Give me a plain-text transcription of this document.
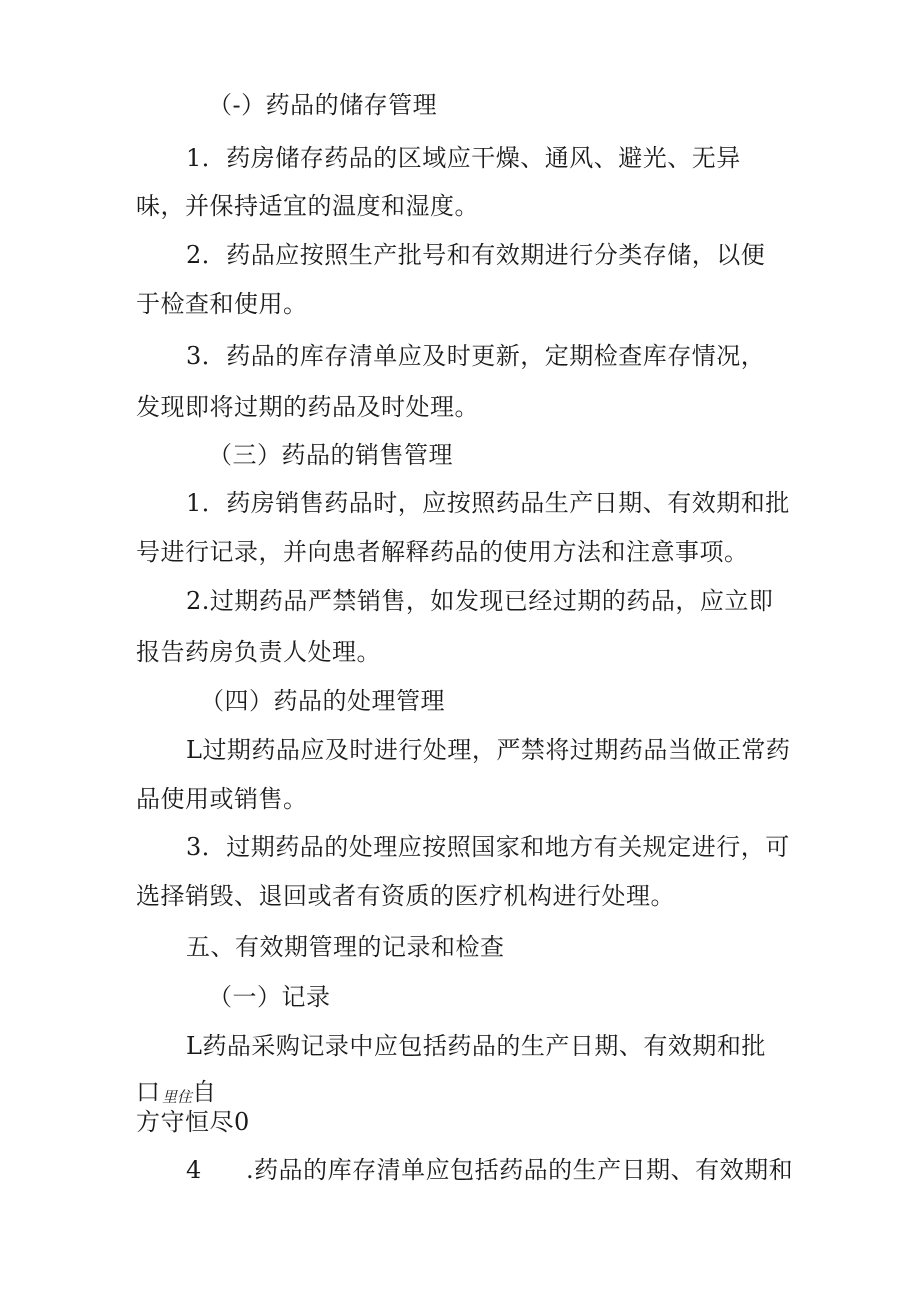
（-）药品的储存管理
1．药房储存药品的区域应干燥、通风、避光、无异
味，并保持适宜的温度和湿度。
2．药品应按照生产批号和有效期进行分类存储，以便
于检查和使用。
3．药品的库存清单应及时更新，定期检查库存情况，
发现即将过期的药品及时处理。
（三）药品的销售管理
1．药房销售药品时，应按照药品生产日期、有效期和批
号进行记录，并向患者解释药品的使用方法和注意事项。
2.过期药品严禁销售，如发现已经过期的药品，应立即
报告药房负责人处理。
（四）药品的处理管理
L过期药品应及时进行处理，严禁将过期药品当做正常药
品使用或销售。
3．过期药品的处理应按照国家和地方有关规定进行，可
选择销毁、退回或者有资质的医疗机构进行处理。
五、有效期管理的记录和检查
（一）记录
L药品采购记录中应包括药品的生产日期、有效期和批
口 里住 自
方守恒尽0
4	.药品的库存清单应包括药品的生产日期、有效期和
